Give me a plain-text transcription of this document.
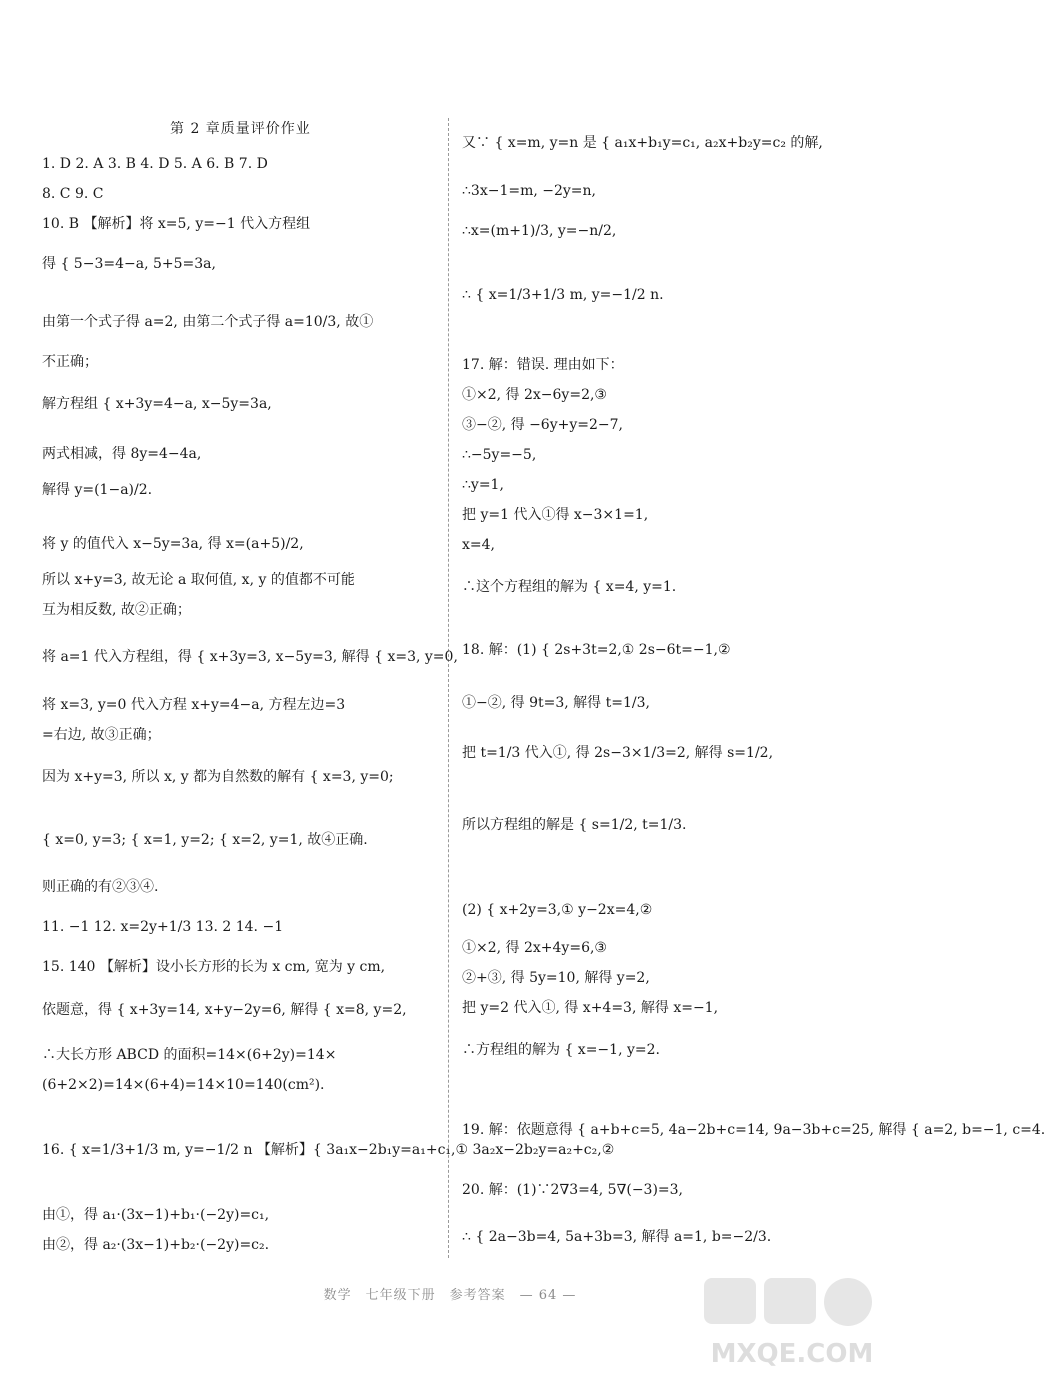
第 2 章质量评价作业
1. D 2. A 3. B 4. D 5. A 6. B 7. D
8. C 9. C
10. B 【解析】将 x=5, y=−1 代入方程组
得 { 5−3=4−a, 5+5=3a,
由第一个式子得 a=2, 由第二个式子得 a=10/3, 故①
不正确；
解方程组 { x+3y=4−a, x−5y=3a,
两式相减，得 8y=4−4a,
解得 y=(1−a)/2.
将 y 的值代入 x−5y=3a, 得 x=(a+5)/2,
所以 x+y=3, 故无论 a 取何值, x, y 的值都不可能
互为相反数, 故②正确；
将 a=1 代入方程组，得 { x+3y=3, x−5y=3, 解得 { x=3, y=0,
将 x=3, y=0 代入方程 x+y=4−a, 方程左边=3
=右边, 故③正确；
因为 x+y=3, 所以 x, y 都为自然数的解有 { x=3, y=0;
{ x=0, y=3; { x=1, y=2; { x=2, y=1, 故④正确.
则正确的有②③④.
11. −1 12. x=2y+1/3 13. 2 14. −1
15. 140 【解析】设小长方形的长为 x cm, 宽为 y cm,
依题意，得 { x+3y=14, x+y−2y=6, 解得 { x=8, y=2,
∴大长方形 ABCD 的面积=14×(6+2y)=14×
(6+2×2)=14×(6+4)=14×10=140(cm²).
16. { x=1/3+1/3 m, y=−1/2 n 【解析】{ 3a₁x−2b₁y=a₁+c₁,① 3a₂x−2b₂y=a₂+c₂,②
由①，得 a₁·(3x−1)+b₁·(−2y)=c₁,
由②，得 a₂·(3x−1)+b₂·(−2y)=c₂.
又∵ { x=m, y=n 是 { a₁x+b₁y=c₁, a₂x+b₂y=c₂ 的解,
∴3x−1=m, −2y=n,
∴x=(m+1)/3, y=−n/2,
∴ { x=1/3+1/3 m, y=−1/2 n.
17. 解：错误. 理由如下：
①×2, 得 2x−6y=2,③
③−②, 得 −6y+y=2−7,
∴−5y=−5,
∴y=1,
把 y=1 代入①得 x−3×1=1,
x=4,
∴这个方程组的解为 { x=4, y=1.
18. 解：(1) { 2s+3t=2,① 2s−6t=−1,②
①−②, 得 9t=3, 解得 t=1/3,
把 t=1/3 代入①, 得 2s−3×1/3=2, 解得 s=1/2,
所以方程组的解是 { s=1/2, t=1/3.
(2) { x+2y=3,① y−2x=4,②
①×2, 得 2x+4y=6,③
②+③, 得 5y=10, 解得 y=2,
把 y=2 代入①, 得 x+4=3, 解得 x=−1,
∴方程组的解为 { x=−1, y=2.
19. 解：依题意得 { a+b+c=5, 4a−2b+c=14, 9a−3b+c=25, 解得 { a=2, b=−1, c=4.
20. 解：(1)∵2∇3=4, 5∇(−3)=3,
∴ { 2a−3b=4, 5a+3b=3, 解得 a=1, b=−2/3.
数学　七年级下册　参考答案　— 64 —
MXQE.COM
